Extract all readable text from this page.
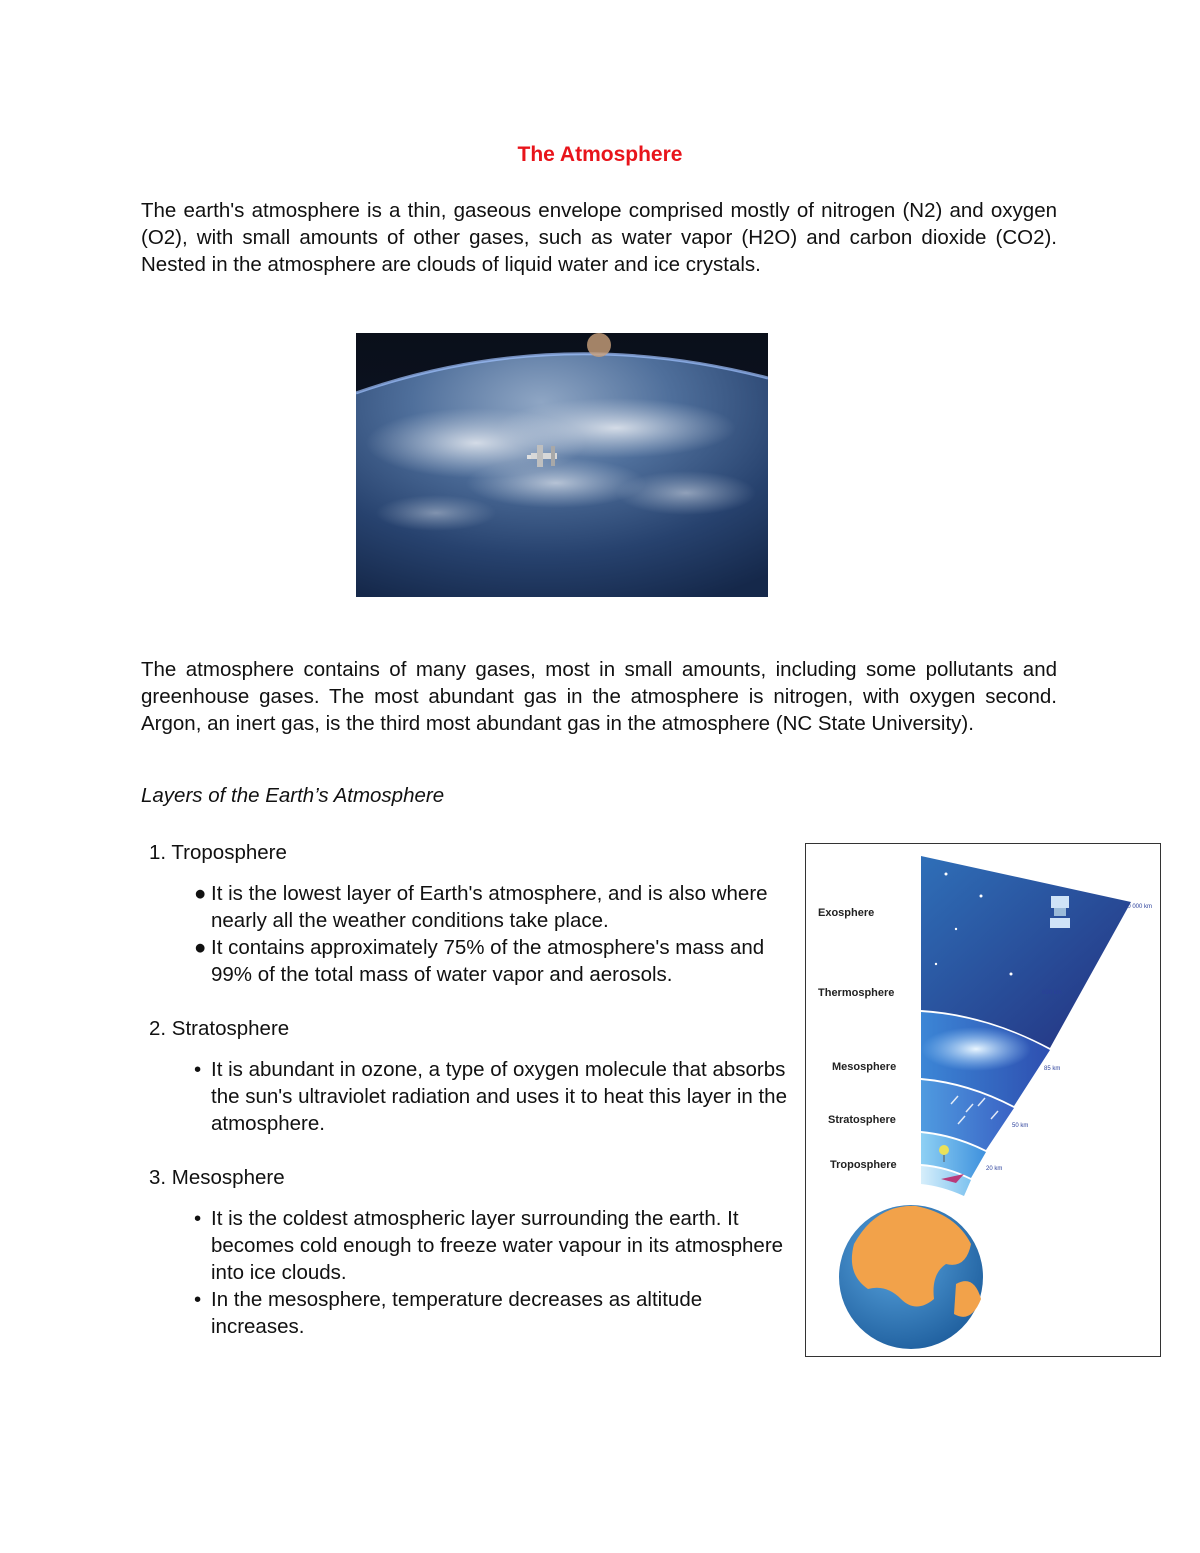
The Atmosphere

The earth's atmosphere is a thin, gaseous envelope comprised mostly of nitrogen (N2) and oxygen (O2), with small amounts of other gases, such as water vapor (H2O) and carbon dioxide (CO2). Nested in the atmosphere are clouds of liquid water and ice crystals.

The atmosphere contains of many gases, most in small amounts, including some pollutants and greenhouse gases. The most abundant gas in the atmosphere is nitrogen, with oxygen second. Argon, an inert gas, is the third most abundant gas in the atmosphere (NC State University).

Layers of the Earth’s Atmosphere
1. Troposphere
● It is the lowest layer of Earth's atmosphere, and is also where nearly all the weather conditions take place.
● It contains approximately 75% of the atmosphere's mass and 99% of the total mass of water vapor and aerosols.
2. Stratosphere
• It is abundant in ozone, a type of oxygen molecule that absorbs the sun's ultraviolet radiation and uses it to heat this layer in the atmosphere.
3. Mesosphere
• It is the coldest atmospheric layer surrounding the earth. It becomes cold enough to freeze water vapour in its atmosphere into ice clouds.
• In the mesosphere, temperature decreases as altitude increases.
Exosphere
Thermosphere
Mesosphere
Stratosphere
Troposphere
10 000 km
690 km
85 km
50 km
20 km
